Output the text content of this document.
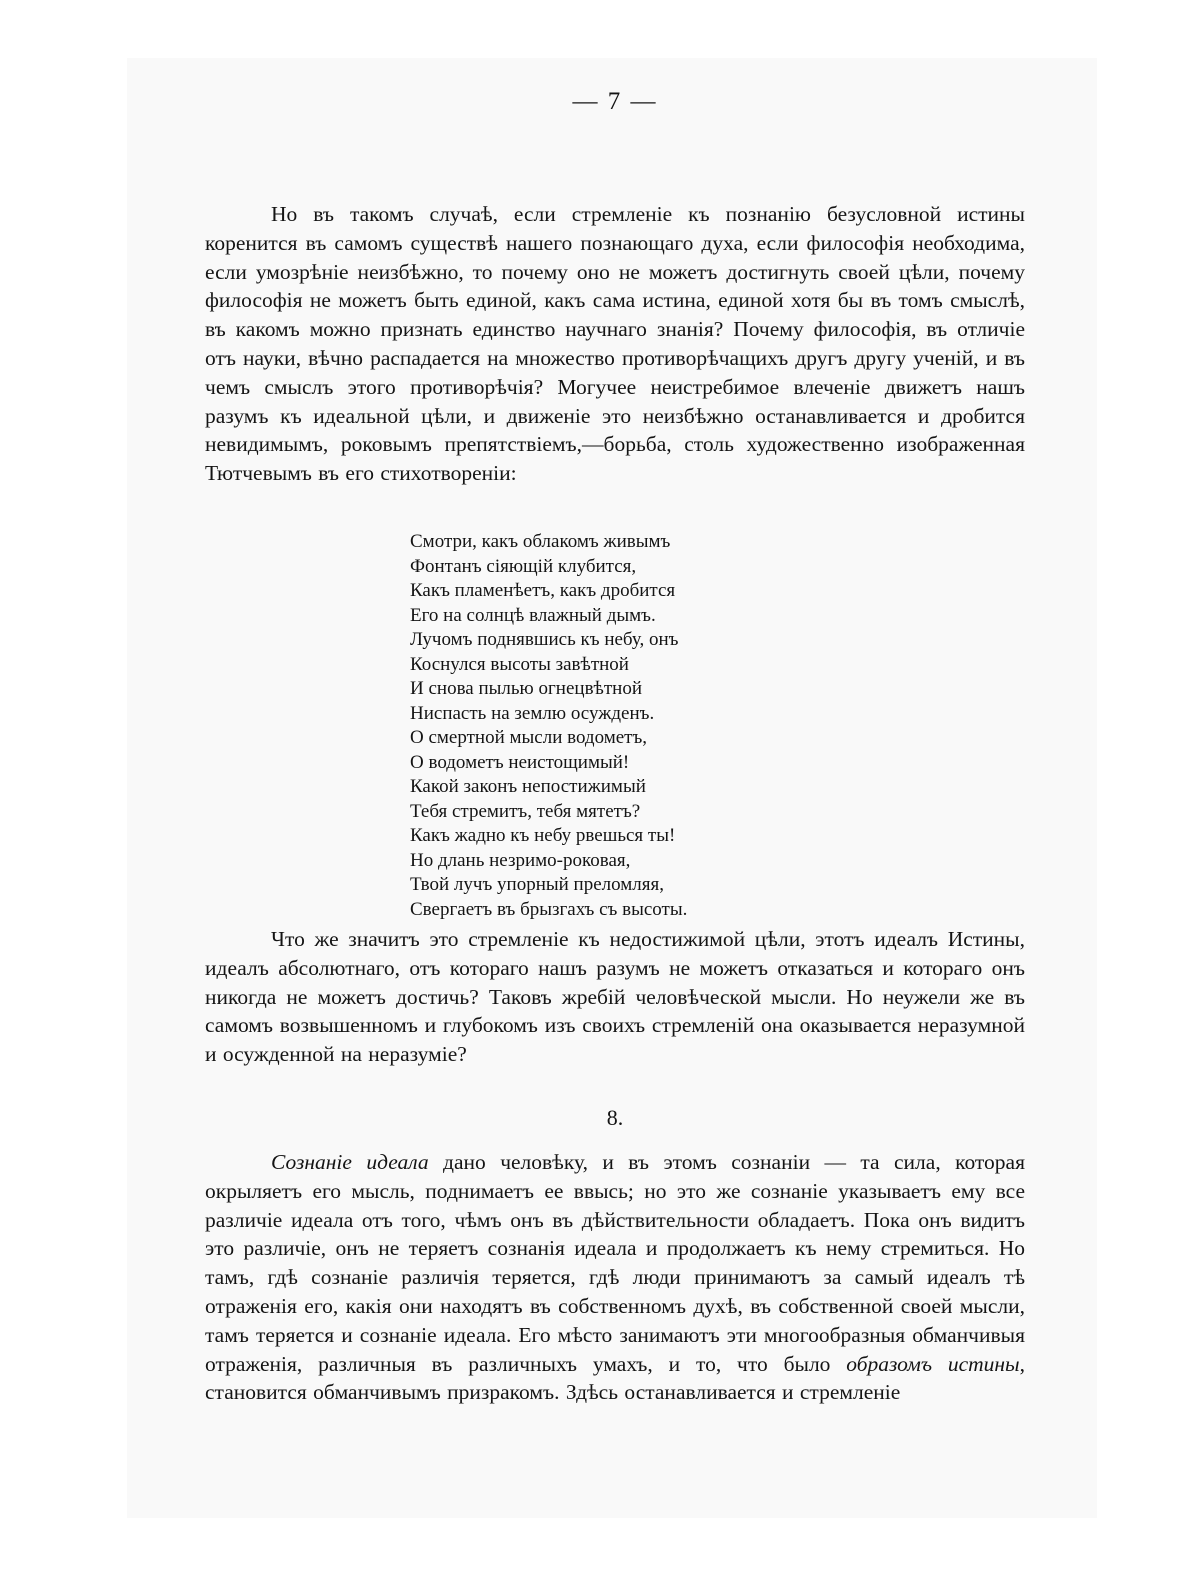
— 7 —

Но въ такомъ случаѣ, если стремленіе къ познанію безусловной истины коренится въ самомъ существѣ нашего познающаго духа, если философія необходима, если умозрѣніе неизбѣжно, то почему оно не можетъ достигнуть своей цѣли, почему философія не можетъ быть единой, какъ сама истина, единой хотя бы въ томъ смыслѣ, въ какомъ можно признать единство научнаго знанія? Почему философія, въ отличіе отъ науки, вѣчно распадается на множество противорѣчащихъ другъ другу ученій, и въ чемъ смыслъ этого противорѣчія? Могучее неистребимое влеченіе движетъ нашъ разумъ къ идеальной цѣли, и движеніе это неизбѣжно останавливается и дробится невидимымъ, роковымъ препятствіемъ,—борьба, столь художественно изображенная Тютчевымъ въ его стихотвореніи:

Смотри, какъ облакомъ живымъ
Фонтанъ сіяющій клубится,
Какъ пламенѣетъ, какъ дробится
Его на солнцѣ влажный дымъ.
Лучомъ поднявшись къ небу, онъ
Коснулся высоты завѣтной
И снова пылью огнецвѣтной
Ниспасть на землю осужденъ.
О смертной мысли водометъ,
О водометъ неистощимый!
Какой законъ непостижимый
Тебя стремитъ, тебя мятетъ?
Какъ жадно къ небу рвешься ты!
Но длань незримо-роковая,
Твой лучъ упорный преломляя,
Свергаетъ въ брызгахъ съ высоты.

Что же значитъ это стремленіе къ недостижимой цѣли, этотъ идеалъ Истины, идеалъ абсолютнаго, отъ котораго нашъ разумъ не можетъ отказаться и котораго онъ никогда не можетъ достичь? Таковъ жребій человѣческой мысли. Но неужели же въ самомъ возвышенномъ и глубокомъ изъ своихъ стремленій она оказывается неразумной и осужденной на неразуміе?

8.

Сознаніе идеала дано человѣку, и въ этомъ сознаніи — та сила, которая окрыляетъ его мысль, поднимаетъ ее ввысь; но это же сознаніе указываетъ ему все различіе идеала отъ того, чѣмъ онъ въ дѣйствительности обладаетъ. Пока онъ видитъ это различіе, онъ не теряетъ сознанія идеала и продолжаетъ къ нему стремиться. Но тамъ, гдѣ сознаніе различія теряется, гдѣ люди принимаютъ за самый идеалъ тѣ отраженія его, какія они находятъ въ собственномъ духѣ, въ собственной своей мысли, тамъ теряется и сознаніе идеала. Его мѣсто занимаютъ эти многообразныя обманчивыя отраженія, различныя въ различныхъ умахъ, и то, что было образомъ истины, становится обманчивымъ призракомъ. Здѣсь останавливается и стремленіе
